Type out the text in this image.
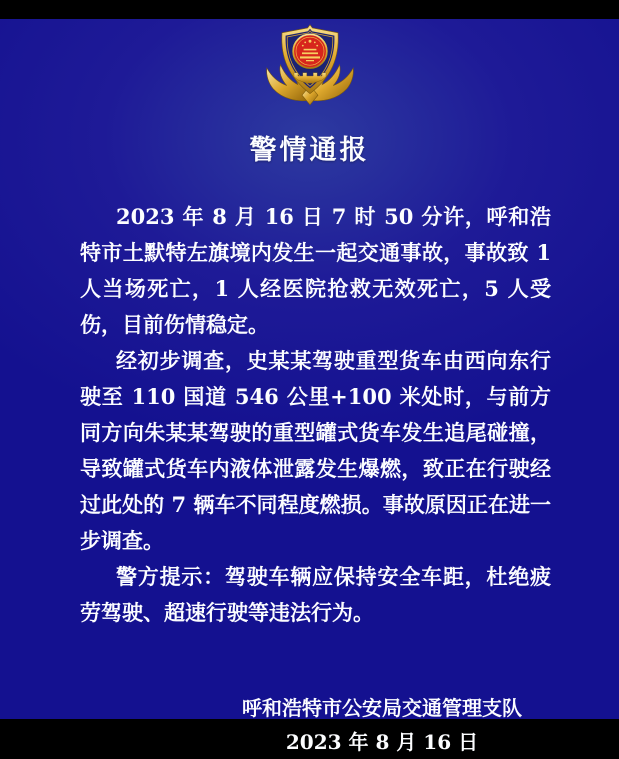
警情通报

2023 年 8 月 16 日 7 时 50 分许，呼和浩特市土默特左旗境内发生一起交通事故，事故致 1 人当场死亡，1 人经医院抢救无效死亡，5 人受伤，目前伤情稳定。

经初步调查，史某某驾驶重型货车由西向东行驶至 110 国道 546 公里+100 米处时，与前方同方向朱某某驾驶的重型罐式货车发生追尾碰撞，导致罐式货车内液体泄露发生爆燃，致正在行驶经过此处的 7 辆车不同程度燃损。事故原因正在进一步调查。

警方提示：驾驶车辆应保持安全车距，杜绝疲劳驾驶、超速行驶等违法行为。

呼和浩特市公安局交通管理支队
2023 年 8 月 16 日
